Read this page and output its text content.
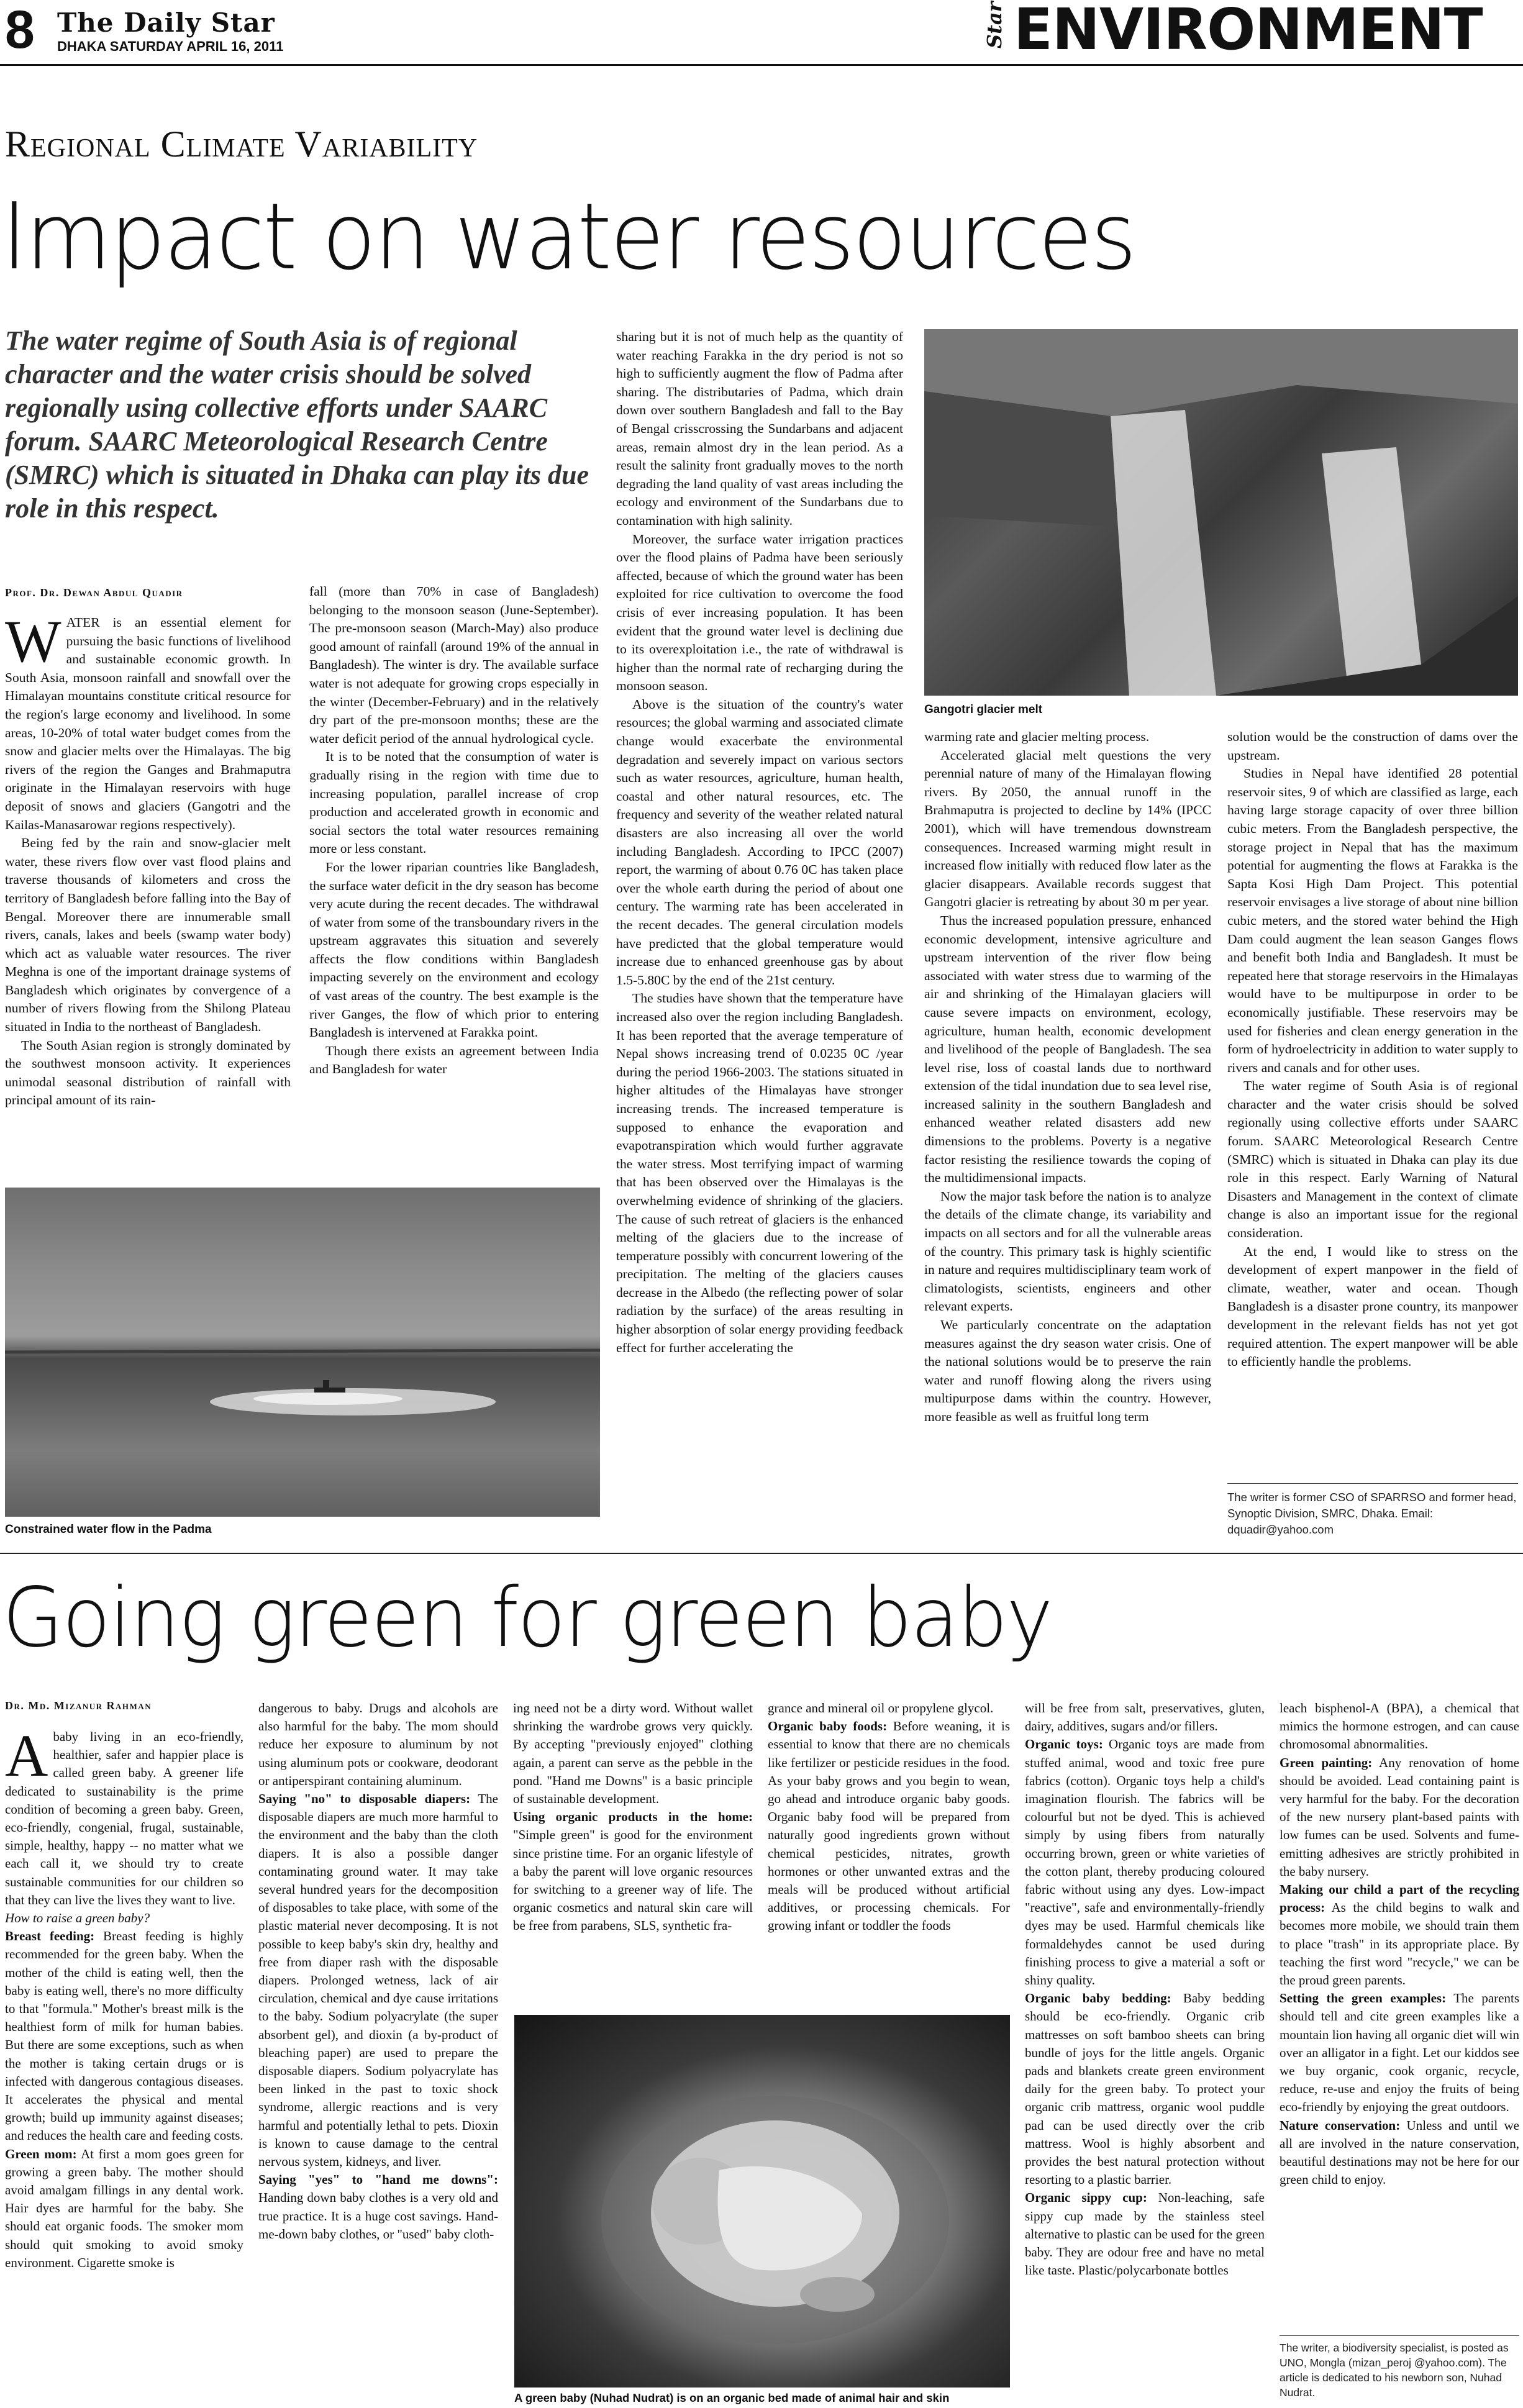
8 The Daily Star
DHAKA SATURDAY APRIL 16, 2011	Star ENVIRONMENT
Regional Climate Variability
Impact on water resources
The water regime of South Asia is of regional character and the water crisis should be solved regionally using collective efforts under SAARC forum. SAARC Meteorological Research Centre (SMRC) which is situated in Dhaka can play its due role in this respect.
Prof. Dr. Dewan Abdul Quadir

WATER is an essential element for pursuing the basic functions of livelihood and sustainable economic growth. In South Asia, monsoon rainfall and snowfall over the Himalayan mountains constitute critical resource for the region's large economy and livelihood. In some areas, 10-20% of total water budget comes from the snow and glacier melts over the Himalayas. The big rivers of the region the Ganges and Brahmaputra originate in the Himalayan reservoirs with huge deposit of snows and glaciers (Gangotri and the Kailas-Manasarowar regions respectively).

Being fed by the rain and snow-glacier melt water, these rivers flow over vast flood plains and traverse thousands of kilometers and cross the territory of Bangladesh before falling into the Bay of Bengal. Moreover there are innumerable small rivers, canals, lakes and beels (swamp water body) which act as valuable water resources. The river Meghna is one of the important drainage systems of Bangladesh which originates by convergence of a number of rivers flowing from the Shilong Plateau situated in India to the northeast of Bangladesh.

The South Asian region is strongly dominated by the southwest monsoon activity. It experiences unimodal seasonal distribution of rainfall with principal amount of its rain-

fall (more than 70% in case of Bangladesh) belonging to the monsoon season (June-September). The pre-monsoon season (March-May) also produce good amount of rainfall (around 19% of the annual in Bangladesh). The winter is dry. The available surface water is not adequate for growing crops especially in the winter (December-February) and in the relatively dry part of the pre-monsoon months; these are the water deficit period of the annual hydrological cycle.

It is to be noted that the consumption of water is gradually rising in the region with time due to increasing population, parallel increase of crop production and accelerated growth in economic and social sectors the total water resources remaining more or less constant.

For the lower riparian countries like Bangladesh, the surface water deficit in the dry season has become very acute during the recent decades. The withdrawal of water from some of the transboundary rivers in the upstream aggravates this situation and severely affects the flow conditions within Bangladesh impacting severely on the environment and ecology of vast areas of the country. The best example is the river Ganges, the flow of which prior to entering Bangladesh is intervened at Farakka point.

Though there exists an agreement between India and Bangladesh for water

Constrained water flow in the Padma

sharing but it is not of much help as the quantity of water reaching Farakka in the dry period is not so high to sufficiently augment the flow of Padma after sharing. The distributaries of Padma, which drain down over southern Bangladesh and fall to the Bay of Bengal crisscrossing the Sundarbans and adjacent areas, remain almost dry in the lean period. As a result the salinity front gradually moves to the north degrading the land quality of vast areas including the ecology and environment of the Sundarbans due to contamination with high salinity.

Moreover, the surface water irrigation practices over the flood plains of Padma have been seriously affected, because of which the ground water has been exploited for rice cultivation to overcome the food crisis of ever increasing population. It has been evident that the ground water level is declining due to its overexploitation i.e., the rate of withdrawal is higher than the normal rate of recharging during the monsoon season.

Above is the situation of the country's water resources; the global warming and associated climate change would exacerbate the environmental degradation and severely impact on various sectors such as water resources, agriculture, human health, coastal and other natural resources, etc. The frequency and severity of the weather related natural disasters are also increasing all over the world including Bangladesh. According to IPCC (2007) report, the warming of about 0.76 0C has taken place over the whole earth during the period of about one century. The warming rate has been accelerated in the recent decades. The general circulation models have predicted that the global temperature would increase due to enhanced greenhouse gas by about 1.5-5.80C by the end of the 21st century.

The studies have shown that the temperature have increased also over the region including Bangladesh. It has been reported that the average temperature of Nepal shows increasing trend of 0.0235 0C /year during the period 1966-2003. The stations situated in higher altitudes of the Himalayas have stronger increasing trends. The increased temperature is supposed to enhance the evaporation and evapotranspiration which would further aggravate the water stress. Most terrifying impact of warming that has been observed over the Himalayas is the overwhelming evidence of shrinking of the glaciers. The cause of such retreat of glaciers is the enhanced melting of the glaciers due to the increase of temperature possibly with concurrent lowering of the precipitation. The melting of the glaciers causes decrease in the Albedo (the reflecting power of solar radiation by the surface) of the areas resulting in higher absorption of solar energy providing feedback effect for further accelerating the

Gangotri glacier melt

warming rate and glacier melting process.

Accelerated glacial melt questions the very perennial nature of many of the Himalayan flowing rivers. By 2050, the annual runoff in the Brahmaputra is projected to decline by 14% (IPCC 2001), which will have tremendous downstream consequences. Increased warming might result in increased flow initially with reduced flow later as the glacier disappears. Available records suggest that Gangotri glacier is retreating by about 30 m per year.

Thus the increased population pressure, enhanced economic development, intensive agriculture and upstream intervention of the river flow being associated with water stress due to warming of the air and shrinking of the Himalayan glaciers will cause severe impacts on environment, ecology, agriculture, human health, economic development and livelihood of the people of Bangladesh. The sea level rise, loss of coastal lands due to northward extension of the tidal inundation due to sea level rise, increased salinity in the southern Bangladesh and enhanced weather related disasters add new dimensions to the problems. Poverty is a negative factor resisting the resilience towards the coping of the multidimensional impacts.

Now the major task before the nation is to analyze the details of the climate change, its variability and impacts on all sectors and for all the vulnerable areas of the country. This primary task is highly scientific in nature and requires multidisciplinary team work of climatologists, scientists, engineers and other relevant experts.

We particularly concentrate on the adaptation measures against the dry season water crisis. One of the national solutions would be to preserve the rain water and runoff flowing along the rivers using multipurpose dams within the country. However, more feasible as well as fruitful long term

solution would be the construction of dams over the upstream.

Studies in Nepal have identified 28 potential reservoir sites, 9 of which are classified as large, each having large storage capacity of over three billion cubic meters. From the Bangladesh perspective, the storage project in Nepal that has the maximum potential for augmenting the flows at Farakka is the Sapta Kosi High Dam Project. This potential reservoir envisages a live storage of about nine billion cubic meters, and the stored water behind the High Dam could augment the lean season Ganges flows and benefit both India and Bangladesh. It must be repeated here that storage reservoirs in the Himalayas would have to be multipurpose in order to be economically justifiable. These reservoirs may be used for fisheries and clean energy generation in the form of hydroelectricity in addition to water supply to rivers and canals and for other uses.

The water regime of South Asia is of regional character and the water crisis should be solved regionally using collective efforts under SAARC forum. SAARC Meteorological Research Centre (SMRC) which is situated in Dhaka can play its due role in this respect. Early Warning of Natural Disasters and Management in the context of climate change is also an important issue for the regional consideration.

At the end, I would like to stress on the development of expert manpower in the field of climate, weather, water and ocean. Though Bangladesh is a disaster prone country, its manpower development in the relevant fields has not yet got required attention. The expert manpower will be able to efficiently handle the problems.

The writer is former CSO of SPARRSO and former head, Synoptic Division, SMRC, Dhaka. Email: dquadir@yahoo.com
Going green for green baby
Dr. Md. Mizanur Rahman

Ababy living in an eco-friendly, healthier, safer and happier place is called green baby. A greener life dedicated to sustainability is the prime condition of becoming a green baby. Green, eco-friendly, congenial, frugal, sustainable, simple, healthy, happy -- no matter what we each call it, we should try to create sustainable communities for our children so that they can live the lives they want to live.

How to raise a green baby?

Breast feeding: Breast feeding is highly recommended for the green baby. When the mother of the child is eating well, then the baby is eating well, there's no more difficulty to that "formula." Mother's breast milk is the healthiest form of milk for human babies. But there are some exceptions, such as when the mother is taking certain drugs or is infected with dangerous contagious diseases. It accelerates the physical and mental growth; build up immunity against diseases; and reduces the health care and feeding costs.

Green mom: At first a mom goes green for growing a green baby. The mother should avoid amalgam fillings in any dental work. Hair dyes are harmful for the baby. She should eat organic foods. The smoker mom should quit smoking to avoid smoky environment. Cigarette smoke is

dangerous to baby. Drugs and alcohols are also harmful for the baby. The mom should reduce her exposure to aluminum by not using aluminum pots or cookware, deodorant or antiperspirant containing aluminum.

Saying "no" to disposable diapers: The disposable diapers are much more harmful to the environment and the baby than the cloth diapers. It is also a possible danger contaminating ground water. It may take several hundred years for the decomposition of disposables to take place, with some of the plastic material never decomposing. It is not possible to keep baby's skin dry, healthy and free from diaper rash with the disposable diapers. Prolonged wetness, lack of air circulation, chemical and dye cause irritations to the baby. Sodium polyacrylate (the super absorbent gel), and dioxin (a by-product of bleaching paper) are used to prepare the disposable diapers. Sodium polyacrylate has been linked in the past to toxic shock syndrome, allergic reactions and is very harmful and potentially lethal to pets. Dioxin is known to cause damage to the central nervous system, kidneys, and liver.

Saying "yes" to "hand me downs": Handing down baby clothes is a very old and true practice. It is a huge cost savings. Hand-me-down baby clothes, or "used" baby cloth-

ing need not be a dirty word. Without wallet shrinking the wardrobe grows very quickly. By accepting "previously enjoyed" clothing again, a parent can serve as the pebble in the pond. "Hand me Downs" is a basic principle of sustainable development.

Using organic products in the home: "Simple green" is good for the environment since pristine time. For an organic lifestyle of a baby the parent will love organic resources for switching to a greener way of life. The organic cosmetics and natural skin care will be free from parabens, SLS, synthetic fra-

grance and mineral oil or propylene glycol.

Organic baby foods: Before weaning, it is essential to know that there are no chemicals like fertilizer or pesticide residues in the food. As your baby grows and you begin to wean, go ahead and introduce organic baby goods. Organic baby food will be prepared from naturally good ingredients grown without chemical pesticides, nitrates, growth hormones or other unwanted extras and the meals will be produced without artificial additives, or processing chemicals. For growing infant or toddler the foods

A green baby (Nuhad Nudrat) is on an organic bed made of animal hair and skin

will be free from salt, preservatives, gluten, dairy, additives, sugars and/or fillers.

Organic toys: Organic toys are made from stuffed animal, wood and toxic free pure fabrics (cotton). Organic toys help a child's imagination flourish. The fabrics will be colourful but not be dyed. This is achieved simply by using fibers from naturally occurring brown, green or white varieties of the cotton plant, thereby producing coloured fabric without using any dyes. Low-impact "reactive", safe and environmentally-friendly dyes may be used. Harmful chemicals like formaldehydes cannot be used during finishing process to give a material a soft or shiny quality.

Organic baby bedding: Baby bedding should be eco-friendly. Organic crib mattresses on soft bamboo sheets can bring bundle of joys for the little angels. Organic pads and blankets create green environment daily for the green baby. To protect your organic crib mattress, organic wool puddle pad can be used directly over the crib mattress. Wool is highly absorbent and provides the best natural protection without resorting to a plastic barrier.

Organic sippy cup: Non-leaching, safe sippy cup made by the stainless steel alternative to plastic can be used for the green baby. They are odour free and have no metal like taste. Plastic/polycarbonate bottles

leach bisphenol-A (BPA), a chemical that mimics the hormone estrogen, and can cause chromosomal abnormalities.

Green painting: Any renovation of home should be avoided. Lead containing paint is very harmful for the baby. For the decoration of the new nursery plant-based paints with low fumes can be used. Solvents and fume-emitting adhesives are strictly prohibited in the baby nursery.

Making our child a part of the recycling process: As the child begins to walk and becomes more mobile, we should train them to place "trash" in its appropriate place. By teaching the first word "recycle," we can be the proud green parents.

Setting the green examples: The parents should tell and cite green examples like a mountain lion having all organic diet will win over an alligator in a fight. Let our kiddos see we buy organic, cook organic, recycle, reduce, re-use and enjoy the fruits of being eco-friendly by enjoying the great outdoors.

Nature conservation: Unless and until we all are involved in the nature conservation, beautiful destinations may not be here for our green child to enjoy.

The writer, a biodiversity specialist, is posted as UNO, Mongla (mizan_peroj @yahoo.com). The article is dedicated to his newborn son, Nuhad Nudrat.
